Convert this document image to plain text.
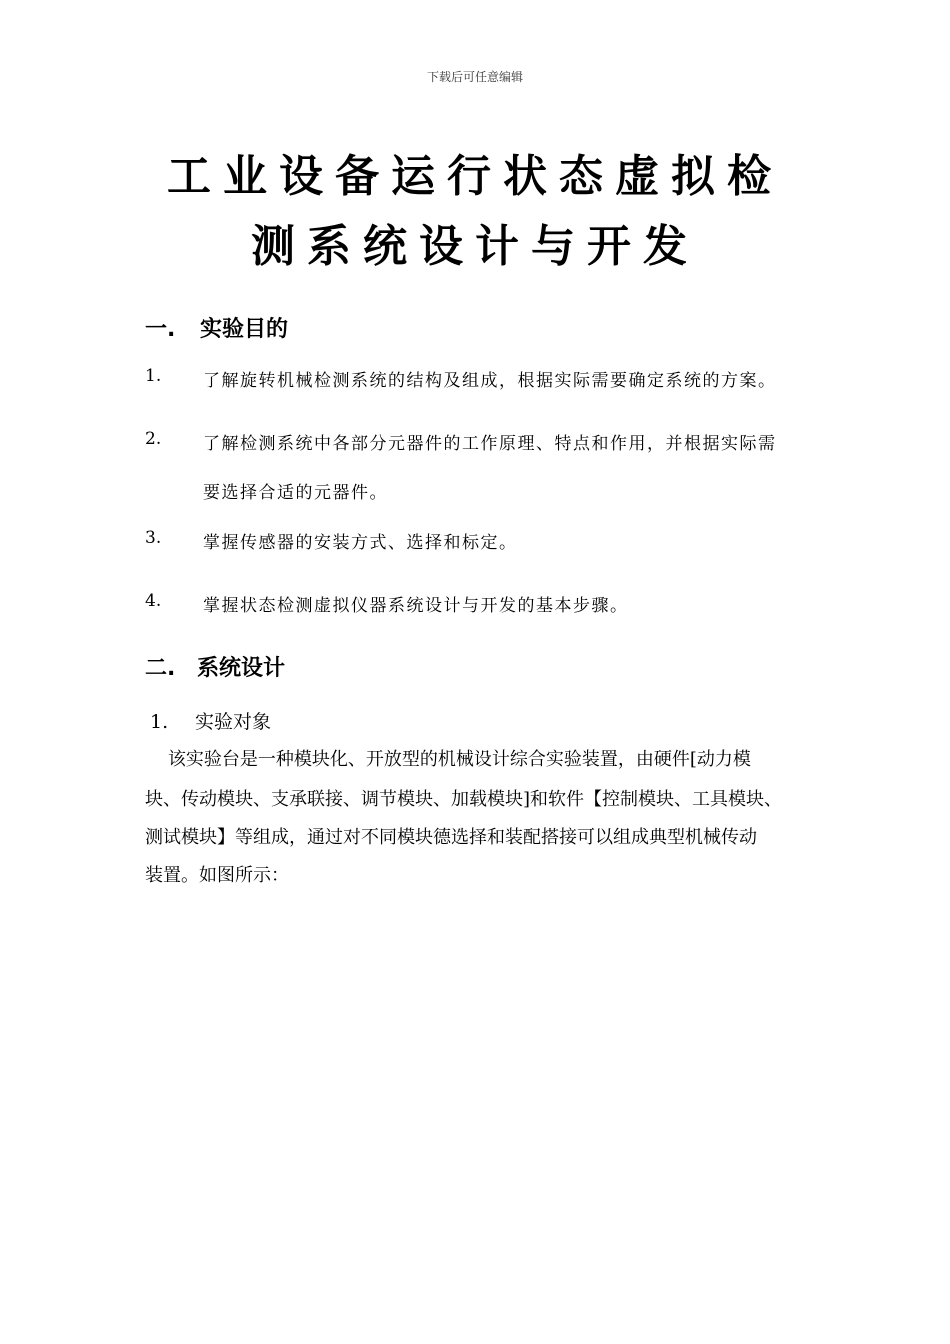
下载后可任意编辑
工业设备运行状态虚拟检
测系统设计与开发
一. 实验目的
1. 了解旋转机械检测系统的结构及组成，根据实际需要确定系统的方案。
2. 了解检测系统中各部分元器件的工作原理、特点和作用，并根据实际需
要选择合适的元器件。
3. 掌握传感器的安装方式、选择和标定。
4. 掌握状态检测虚拟仪器系统设计与开发的基本步骤。
二. 系统设计
1. 实验对象
该实验台是一种模块化、开放型的机械设计综合实验装置，由硬件[动力模
块、传动模块、支承联接、调节模块、加载模块]和软件【控制模块、工具模块、
测试模块】等组成，通过对不同模块德选择和装配搭接可以组成典型机械传动
装置。如图所示：
